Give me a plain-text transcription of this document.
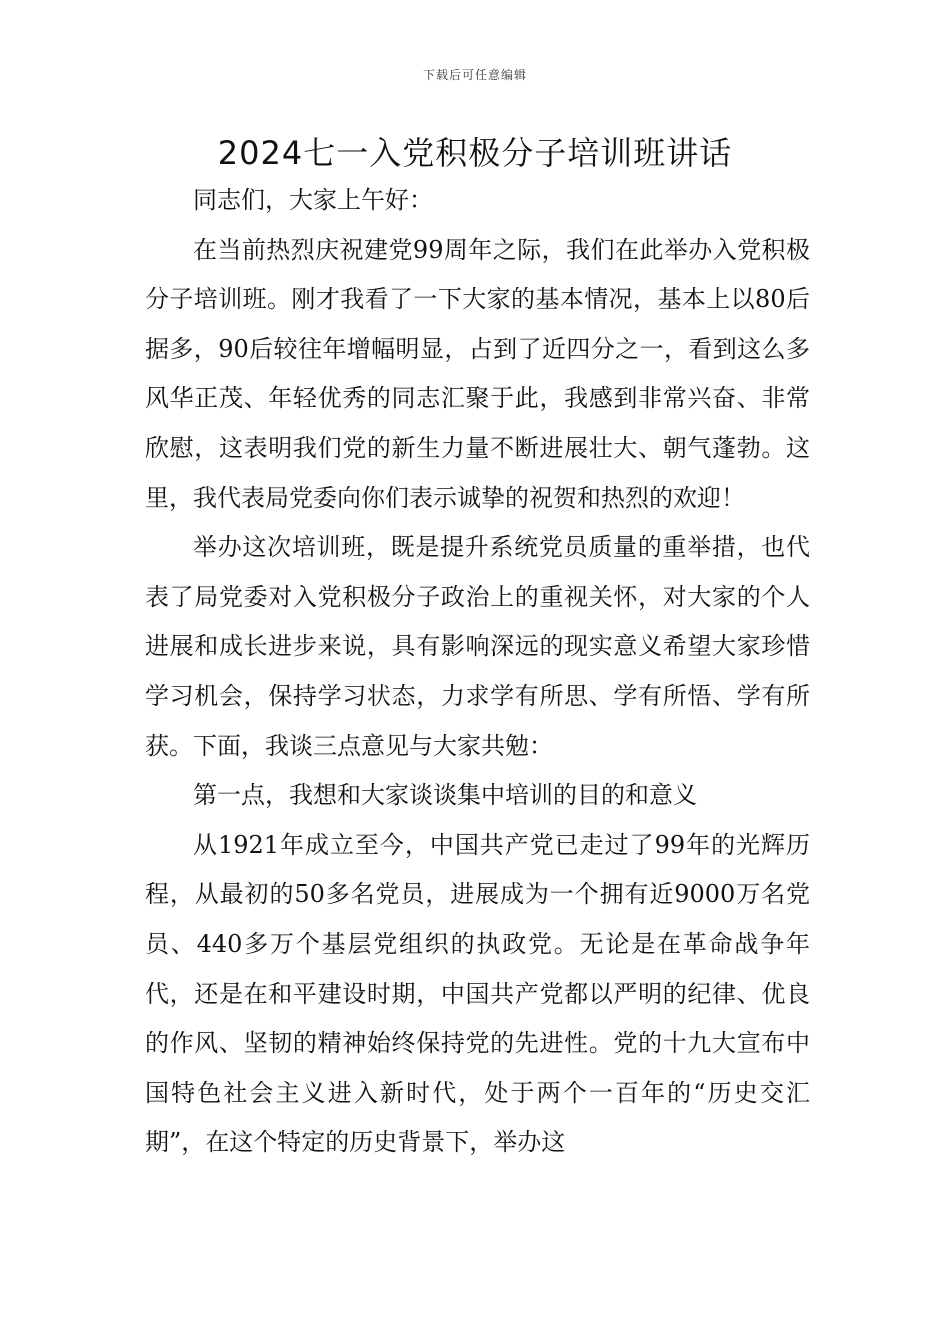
下载后可任意编辑
2024七一入党积极分子培训班讲话

同志们，大家上午好：

在当前热烈庆祝建党99周年之际，我们在此举办入党积极分子培训班。刚才我看了一下大家的基本情况，基本上以80后据多，90后较往年增幅明显，占到了近四分之一，看到这么多风华正茂、年轻优秀的同志汇聚于此，我感到非常兴奋、非常欣慰，这表明我们党的新生力量不断进展壮大、朝气蓬勃。这里，我代表局党委向你们表示诚挚的祝贺和热烈的欢迎！

举办这次培训班，既是提升系统党员质量的重举措，也代表了局党委对入党积极分子政治上的重视关怀，对大家的个人进展和成长进步来说，具有影响深远的现实意义希望大家珍惜学习机会，保持学习状态，力求学有所思、学有所悟、学有所获。下面，我谈三点意见与大家共勉：

第一点，我想和大家谈谈集中培训的目的和意义

从1921年成立至今，中国共产党已走过了99年的光辉历程，从最初的50多名党员，进展成为一个拥有近9000万名党员、440多万个基层党组织的执政党。无论是在革命战争年代，还是在和平建设时期，中国共产党都以严明的纪律、优良的作风、坚韧的精神始终保持党的先进性。党的十九大宣布中国特色社会主义进入新时代，处于两个一百年的“历史交汇期”，在这个特定的历史背景下，举办这
